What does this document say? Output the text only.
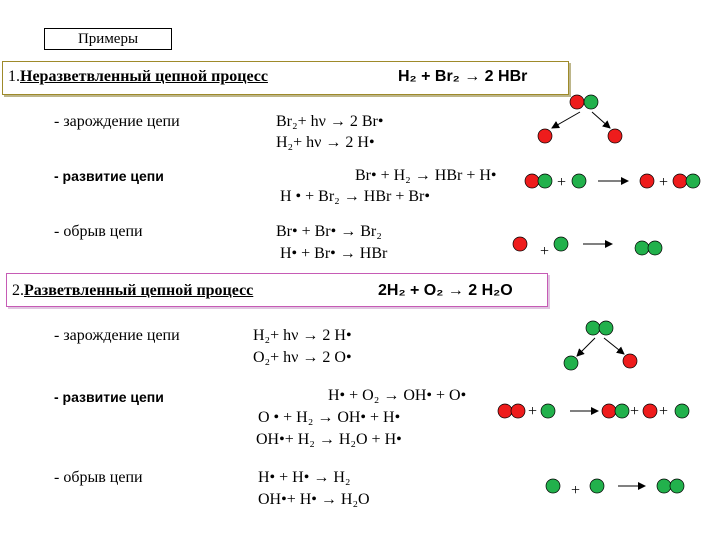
Примеры
1.Неразветвленный цепной процесс	H₂ + Br₂ → 2 HBr
- зарождение цепи	Br₂+ hν → 2 Br•
H₂+ hν → 2 H•
- развитие цепи	Br• + H₂ → HBr + H•
H • + Br₂ → HBr + Br•
- обрыв цепи	Br• + Br• → Br₂
H• + Br• → HBr
2.Разветвленный цепной процесс	2H₂ + O₂ → 2 H₂O
- зарождение цепи	H₂+ hν → 2 H•
O₂+ hν → 2 O•
- развитие цепи	H• + O₂ → OH• + O•
O • + H₂ → OH• + H•
OH•+ H₂ → H₂O + H•
- обрыв цепи	H• + H• → H₂
OH•+ H• → H₂O
+	+
+
+	+ +
+
